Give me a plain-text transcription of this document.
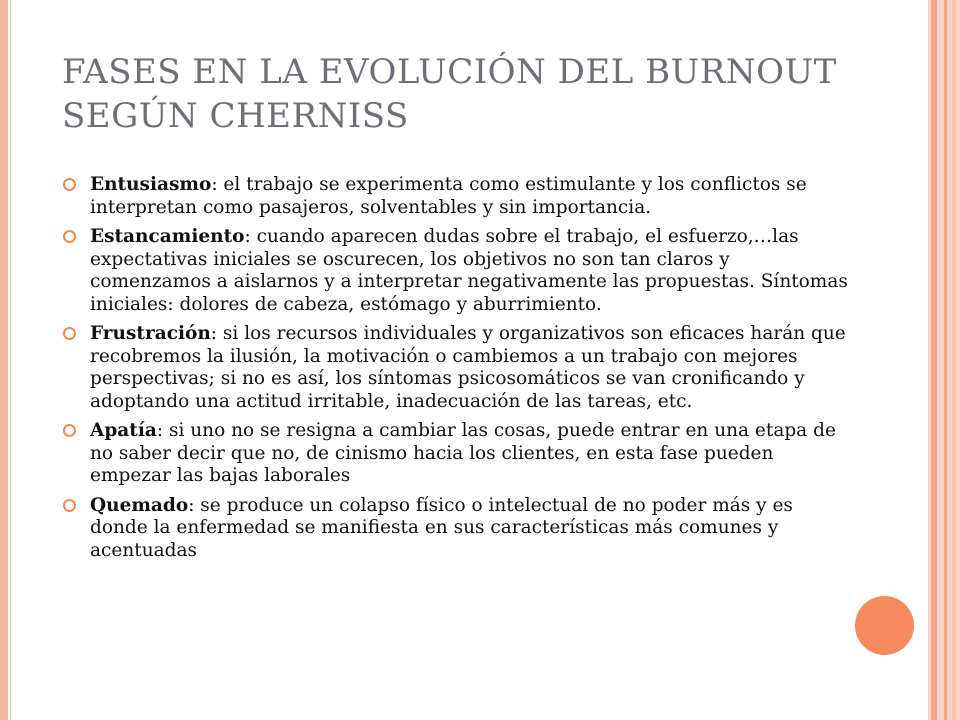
FASES EN LA EVOLUCIÓN DEL BURNOUT SEGÚN CHERNISS
Entusiasmo: el trabajo se experimenta como estimulante y los conflictos se interpretan como pasajeros, solventables y sin importancia.
Estancamiento: cuando aparecen dudas sobre el trabajo, el esfuerzo,…las expectativas iniciales se oscurecen, los objetivos no son tan claros y comenzamos a aislarnos y a interpretar negativamente las propuestas. Síntomas iniciales: dolores de cabeza, estómago y aburrimiento.
Frustración: si los recursos individuales y organizativos son eficaces harán que recobremos la ilusión, la motivación o cambiemos a un trabajo con mejores perspectivas; si no es así, los síntomas psicosomáticos se van cronificando y adoptando una actitud irritable, inadecuación de las tareas, etc.
Apatía: si uno no se resigna a cambiar las cosas, puede entrar en una etapa de no saber decir que no, de cinismo hacia los clientes, en esta fase pueden empezar las bajas laborales
Quemado: se produce un colapso físico o intelectual de no poder más y es donde la enfermedad se manifiesta en sus características más comunes y acentuadas
